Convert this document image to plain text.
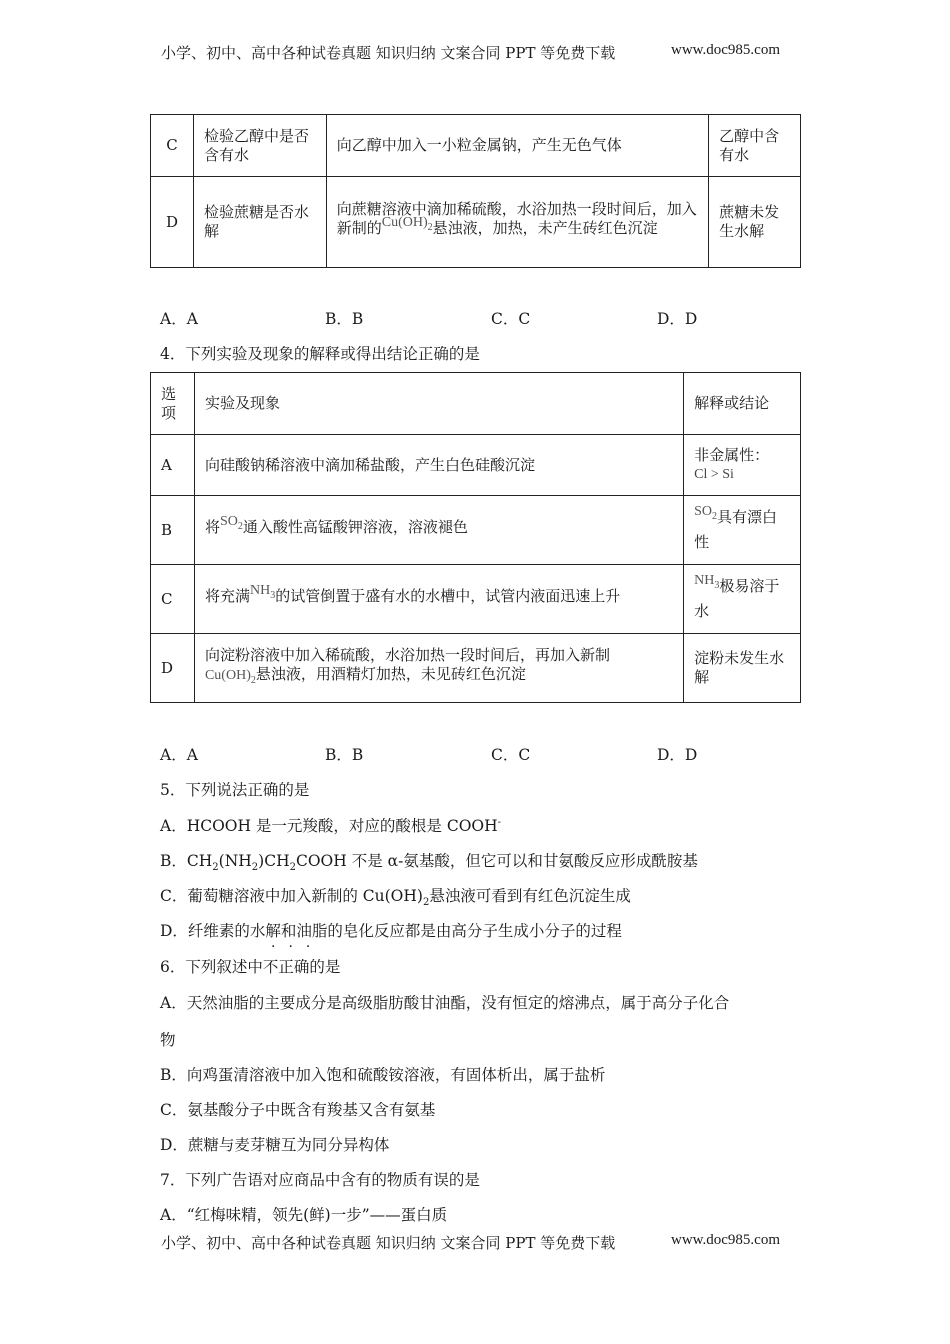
小学、初中、高中各种试卷真题 知识归纳 文案合同 PPT 等免费下载	www.doc985.com
C	检验乙醇中是否含有水	向乙醇中加入一小粒金属钠，产生无色气体	乙醇中含有水
D	检验蔗糖是否水解	向蔗糖溶液中滴加稀硫酸，水浴加热一段时间后，加入新制的$Cu(OH)_2$悬浊液，加热，未产生砖红色沉淀	蔗糖未发生水解
A．A	B．B	C．C	D．D
4．下列实验及现象的解释或得出结论正确的是
选项	实验及现象	解释或结论
A	向硅酸钠稀溶液中滴加稀盐酸，产生白色硅酸沉淀	非金属性：
Cl > Si

B	将$SO_2$通入酸性高锰酸钾溶液，溶液褪色	$SO_2$具有漂白性
C	将充满$NH_3$的试管倒置于盛有水的水槽中，试管内液面迅速上升	$NH_3$极易溶于水
D	向淀粉溶液中加入稀硫酸，水浴加热一段时间后，再加入新制
$Cu(OH)_2$悬浊液，用酒精灯加热，未见砖红色沉淀	淀粉未发生水解
A．A	B．B	C．C	D．D
5．下列说法正确的是
A．HCOOH 是一元羧酸，对应的酸根是 COOH-
B．$CH_2(NH_2)CH_2COOH$ 不是 α-氨基酸，但它可以和甘氨酸反应形成酰胺基
C．葡萄糖溶液中加入新制的 $Cu(OH)_2$悬浊液可看到有红色沉淀生成
D．纤维素的水解和油脂的皂化反应都是由高分子生成小分子的过程
···
6．下列叙述中不正确的是
A．天然油脂的主要成分是高级脂肪酸甘油酯，没有恒定的熔沸点，属于高分子化合
物
B．向鸡蛋清溶液中加入饱和硫酸铵溶液，有固体析出，属于盐析
C．氨基酸分子中既含有羧基又含有氨基
D．蔗糖与麦芽糖互为同分异构体
7．下列广告语对应商品中含有的物质有误的是
A．“红梅味精，领先(鲜)一步”——蛋白质
小学、初中、高中各种试卷真题 知识归纳 文案合同 PPT 等免费下载	www.doc985.com
